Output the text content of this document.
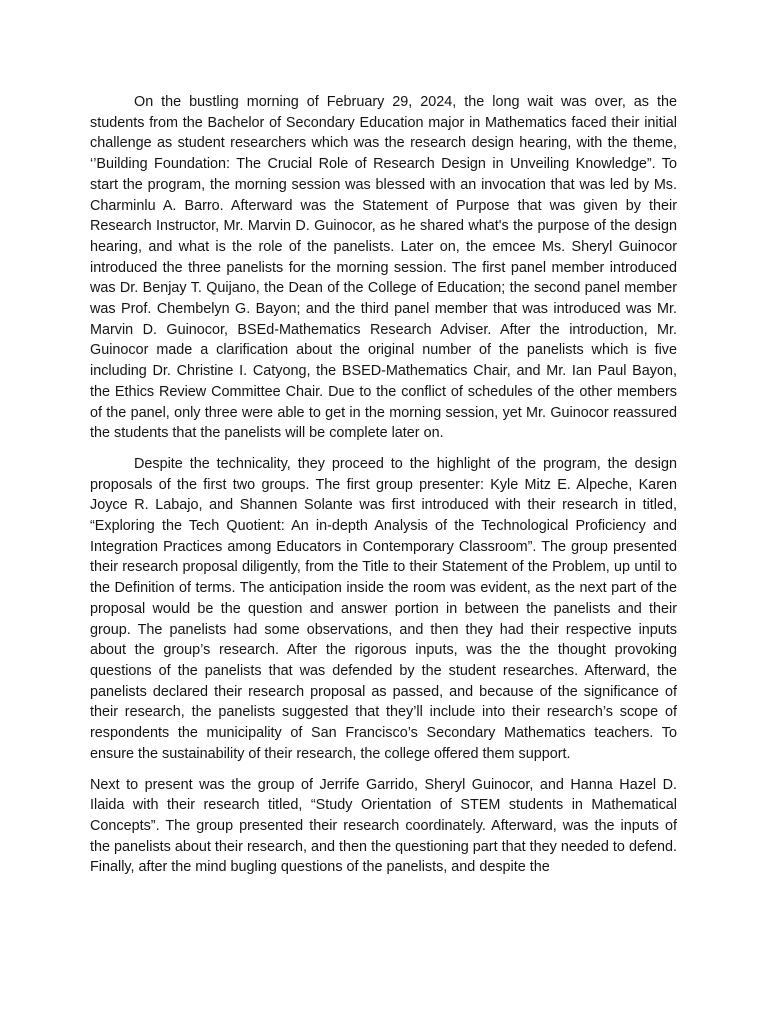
On the bustling morning of February 29, 2024, the long wait was over, as the students from the Bachelor of Secondary Education major in Mathematics faced their initial challenge as student researchers which was the research design hearing, with the theme, ‘’Building Foundation: The Crucial Role of Research Design in Unveiling Knowledge”. To start the program, the morning session was blessed with an invocation that was led by Ms. Charminlu A. Barro. Afterward was the Statement of Purpose that was given by their Research Instructor, Mr. Marvin D. Guinocor, as he shared what's the purpose of the design hearing, and what is the role of the panelists. Later on, the emcee Ms. Sheryl Guinocor introduced the three panelists for the morning session. The first panel member introduced was Dr. Benjay T. Quijano, the Dean of the College of Education; the second panel member was Prof. Chembelyn G. Bayon; and the third panel member that was introduced was Mr. Marvin D. Guinocor, BSEd-Mathematics Research Adviser. After the introduction, Mr. Guinocor made a clarification about the original number of the panelists which is five including Dr. Christine I. Catyong, the BSED-Mathematics Chair, and Mr. Ian Paul Bayon, the Ethics Review Committee Chair. Due to the conflict of schedules of the other members of the panel, only three were able to get in the morning session, yet Mr. Guinocor reassured the students that the panelists will be complete later on.

Despite the technicality, they proceed to the highlight of the program, the design proposals of the first two groups. The first group presenter: Kyle Mitz E. Alpeche, Karen Joyce R. Labajo, and Shannen Solante was first introduced with their research in titled, “Exploring the Tech Quotient: An in-depth Analysis of the Technological Proficiency and Integration Practices among Educators in Contemporary Classroom”. The group presented their research proposal diligently, from the Title to their Statement of the Problem, up until to the Definition of terms. The anticipation inside the room was evident, as the next part of the proposal would be the question and answer portion in between the panelists and their group. The panelists had some observations, and then they had their respective inputs about the group’s research. After the rigorous inputs, was the the thought provoking questions of the panelists that was defended by the student researches. Afterward, the panelists declared their research proposal as passed, and because of the significance of their research, the panelists suggested that they’ll include into their research’s scope of respondents the municipality of San Francisco’s Secondary Mathematics teachers. To ensure the sustainability of their research, the college offered them support.

Next to present was the group of Jerrife Garrido, Sheryl Guinocor, and Hanna Hazel D. Ilaida with their research titled, “Study Orientation of STEM students in Mathematical Concepts”. The group presented their research coordinately. Afterward, was the inputs of the panelists about their research, and then the questioning part that they needed to defend. Finally, after the mind bugling questions of the panelists, and despite the
